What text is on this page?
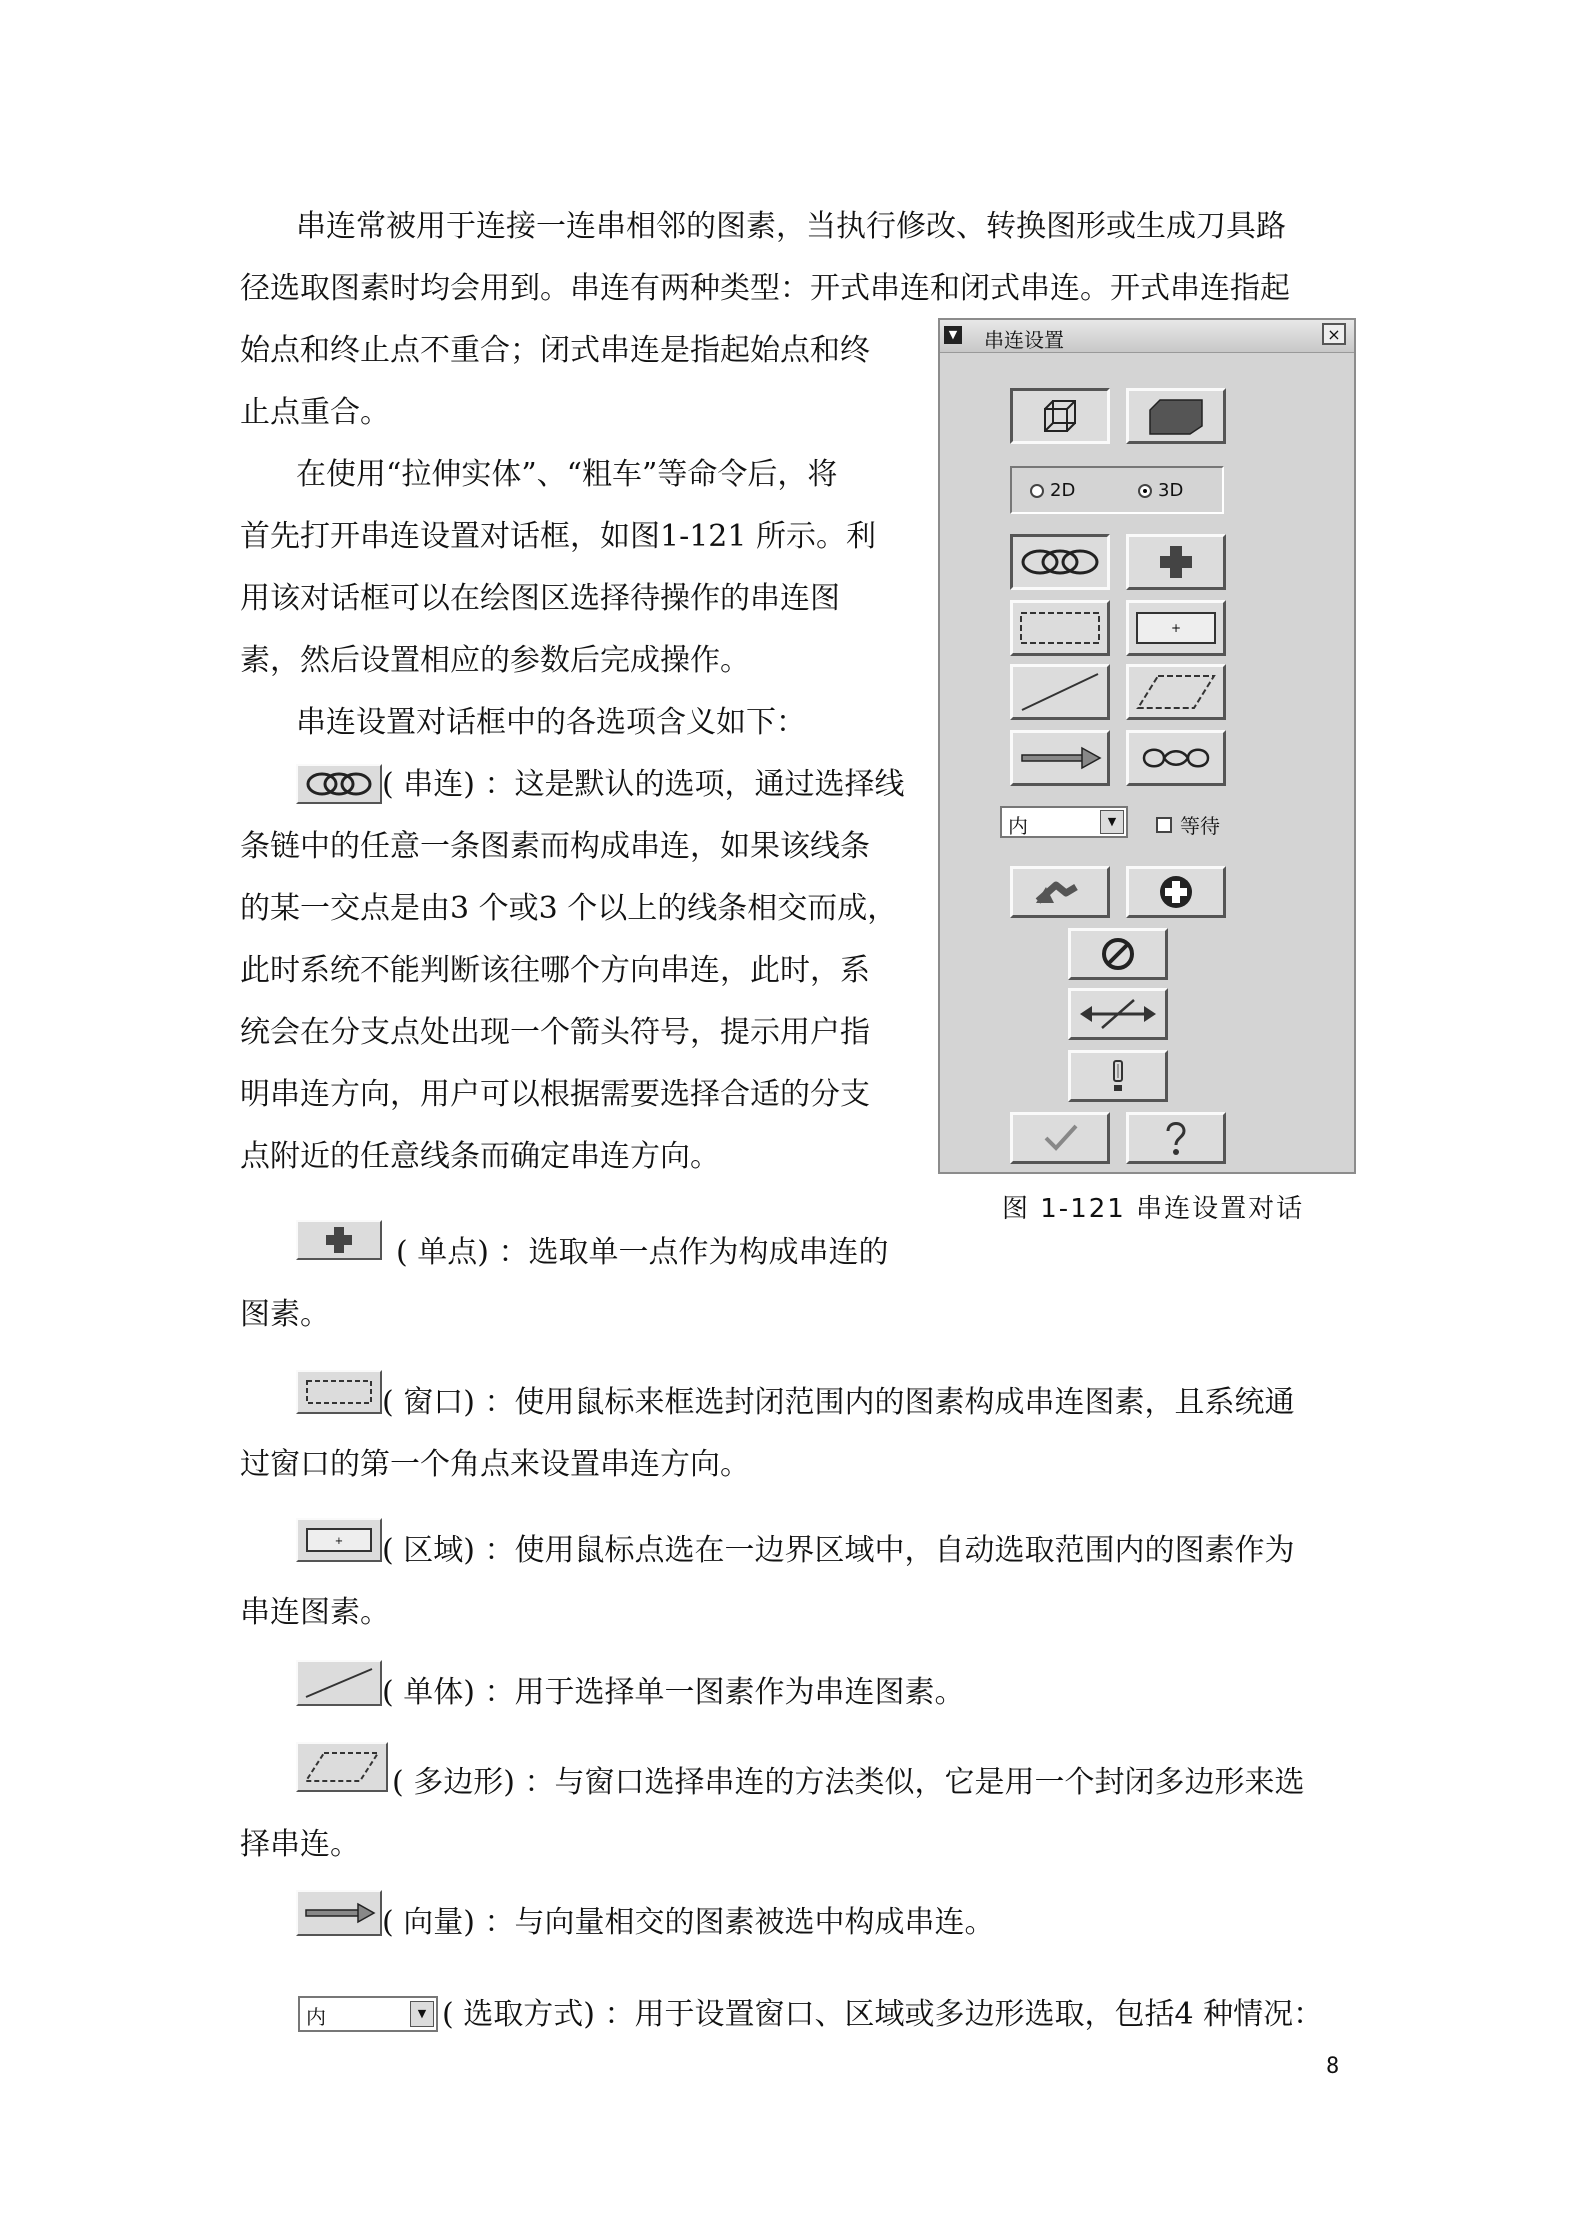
串连常被用于连接一连串相邻的图素，当执行修改、转换图形或生成刀具路
径选取图素时均会用到。串连有两种类型：开式串连和闭式串连。开式串连指起
始点和终止点不重合；闭式串连是指起始点和终
止点重合。
在使用“拉伸实体”、“粗车”等命令后，将
首先打开串连设置对话框，如图1-121 所示。利
用该对话框可以在绘图区选择待操作的串连图
素，然后设置相应的参数后完成操作。
串连设置对话框中的各选项含义如下：
( 串连) ：这是默认的选项，通过选择线
条链中的任意一条图素而构成串连，如果该线条
的某一交点是由3 个或3 个以上的线条相交而成，
此时系统不能判断该往哪个方向串连，此时，系
统会在分支点处出现一个箭头符号，提示用户指
明串连方向，用户可以根据需要选择合适的分支
点附近的任意线条而确定串连方向。
( 单点) ：选取单一点作为构成串连的
图素。
( 窗口) ：使用鼠标来框选封闭范围内的图素构成串连图素，且系统通
过窗口的第一个角点来设置串连方向。
+ ( 区域) ：使用鼠标点选在一边界区域中，自动选取范围内的图素作为
串连图素。
( 单体) ：用于选择单一图素作为串连图素。
( 多边形) ：与窗口选择串连的方法类似，它是用一个封闭多边形来选
择串连。
( 向量) ：与向量相交的图素被选中构成串连。
内	▼ ( 选取方式) ：用于设置窗口、区域或多边形选取，包括4 种情况：
▼ 串连设置	×
2D	3D
+
内	▼	等待
图 1-121 串连设置对话
8
